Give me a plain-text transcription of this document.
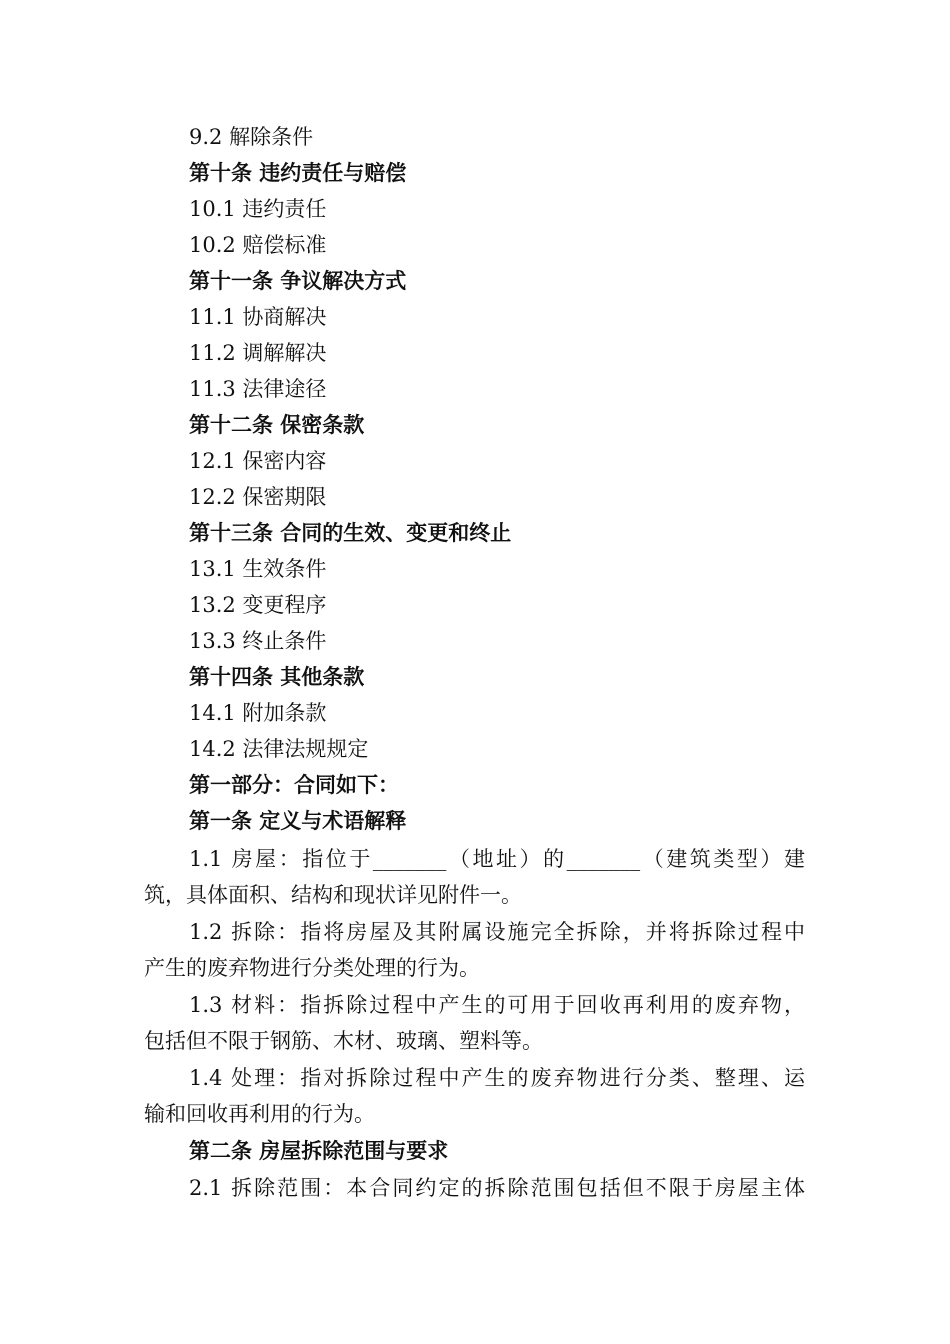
9.2 解除条件

第十条 违约责任与赔偿

10.1 违约责任

10.2 赔偿标准

第十一条 争议解决方式

11.1 协商解决

11.2 调解解决

11.3 法律途径

第十二条 保密条款

12.1 保密内容

12.2 保密期限

第十三条 合同的生效、变更和终止

13.1 生效条件

13.2 变更程序

13.3 终止条件

第十四条 其他条款

14.1 附加条款

14.2 法律法规规定

第一部分：合同如下：

第一条 定义与术语解释

1.1 房屋：指位于_______（地址）的_______（建筑类型）建

筑，具体面积、结构和现状详见附件一。

1.2 拆除：指将房屋及其附属设施完全拆除，并将拆除过程中

产生的废弃物进行分类处理的行为。

1.3 材料：指拆除过程中产生的可用于回收再利用的废弃物，

包括但不限于钢筋、木材、玻璃、塑料等。

1.4 处理：指对拆除过程中产生的废弃物进行分类、整理、运

输和回收再利用的行为。

第二条 房屋拆除范围与要求

2.1 拆除范围：本合同约定的拆除范围包括但不限于房屋主体
